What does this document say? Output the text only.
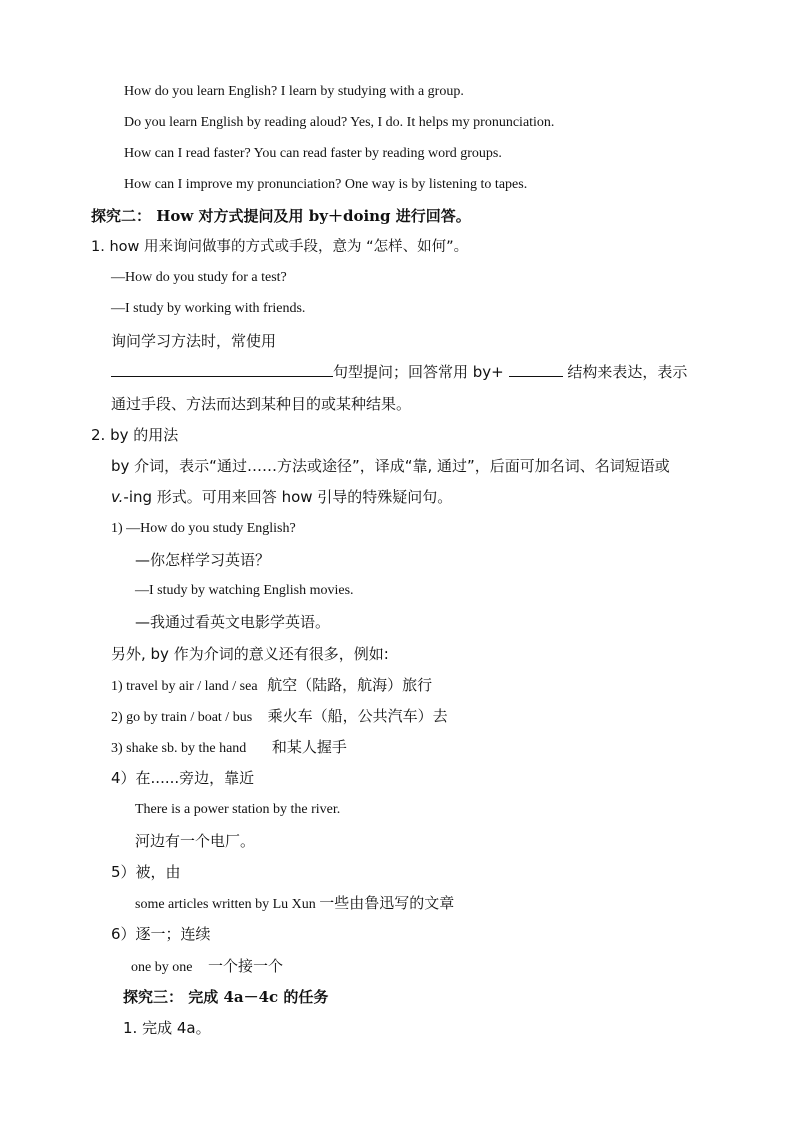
How do you learn English? I learn by studying with a group.
Do you learn English by reading aloud? Yes, I do. It helps my pronunciation.
How can I read faster? You can read faster by reading word groups.
How can I improve my pronunciation? One way is by listening to tapes.
探究二： How 对方式提问及用 by＋doing 进行回答。
1. how 用来询问做事的方式或手段，意为 “怎样、如何”。
—How do you study for a test?
—I study by working with friends.
询问学习方法时，常使用
句型提问；回答常用 by+	结构来表达，表示
通过手段、方法而达到某种目的或某种结果。
2. by 的用法
by 介词，表示“通过……方法或途径”，译成“靠, 通过”，后面可加名词、名词短语或
v.-ing 形式。可用来回答 how 引导的特殊疑问句。
1) —How do you study English?
—你怎样学习英语？
—I study by watching English movies.
—我通过看英文电影学英语。
另外, by 作为介词的意义还有很多，例如:
1) travel by air / land / sea 航空（陆路，航海）旅行
2) go by train / boat / bus 乘火车（船，公共汽车）去
3) shake sb. by the hand 和某人握手
4）在......旁边，靠近
There is a power station by the river.
河边有一个电厂。
5）被，由
some articles written by Lu Xun 一些由鲁迅写的文章
6）逐一；连续
one by one 一个接一个
探究三： 完成 4a－4c 的任务
1. 完成 4a。
